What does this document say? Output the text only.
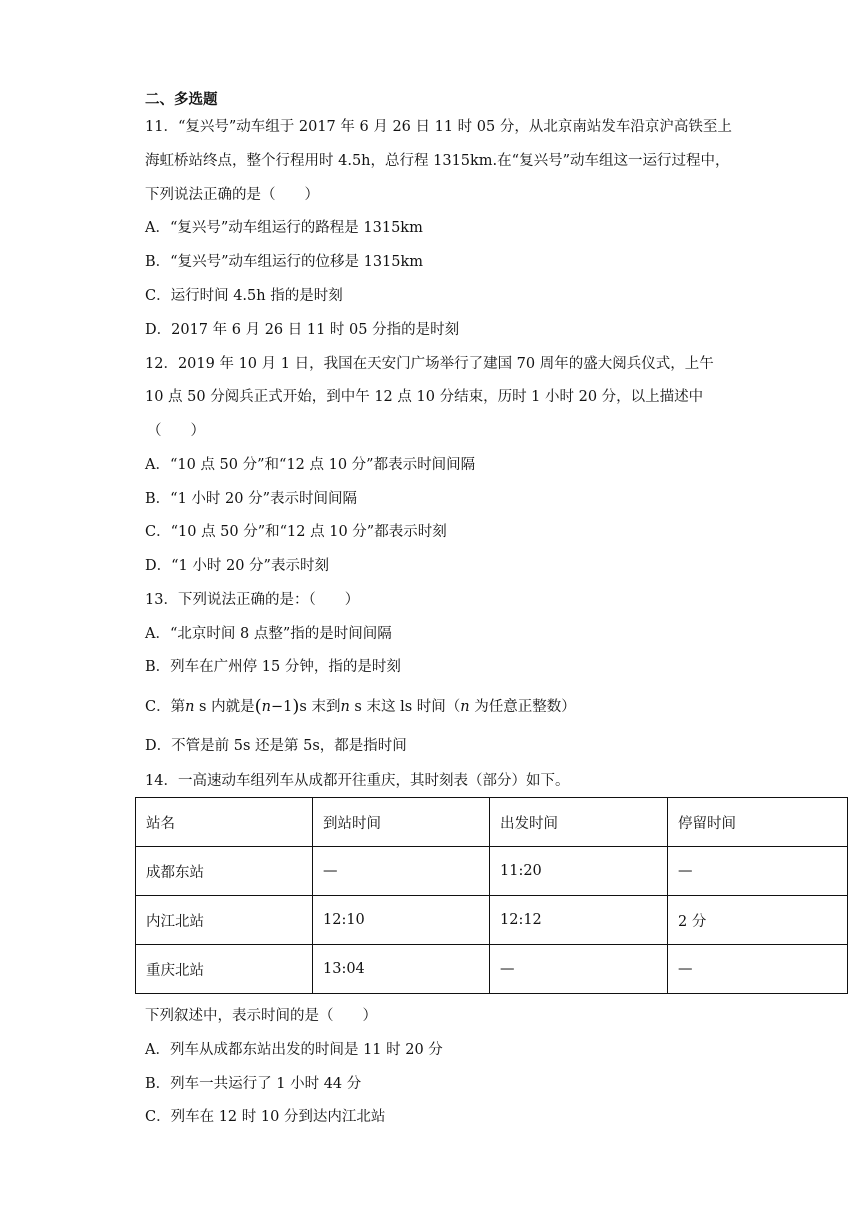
二、多选题
11．“复兴号”动车组于 2017 年 6 月 26 日 11 时 05 分，从北京南站发车沿京沪高铁至上
海虹桥站终点，整个行程用时 4.5h，总行程 1315km.在“复兴号”动车组这一运行过程中，
下列说法正确的是（　　）
A．“复兴号”动车组运行的路程是 1315km
B．“复兴号”动车组运行的位移是 1315km
C．运行时间 4.5h 指的是时刻
D．2017 年 6 月 26 日 11 时 05 分指的是时刻
12．2019 年 10 月 1 日，我国在天安门广场举行了建国 70 周年的盛大阅兵仪式，上午
10 点 50 分阅兵正式开始，到中午 12 点 10 分结束，历时 1 小时 20 分，以上描述中
（　　）
A．“10 点 50 分”和“12 点 10 分”都表示时间间隔
B．“1 小时 20 分”表示时间间隔
C．“10 点 50 分”和“12 点 10 分”都表示时刻
D．“1 小时 20 分”表示时刻
13．下列说法正确的是：（　　）
A．“北京时间 8 点整”指的是时间间隔
B．列车在广州停 15 分钟，指的是时刻
C．第n s 内就是(n−1)s 末到n s 末这 ls 时间（n 为任意正整数）
D．不管是前 5s 还是第 5s，都是指时间
14．一高速动车组列车从成都开往重庆，其时刻表（部分）如下。
站名	到站时间	出发时间	停留时间
成都东站	—	11:20	—
内江北站	12:10	12:12	2 分
重庆北站	13:04	—	—
下列叙述中，表示时间的是（　　）
A．列车从成都东站出发的时间是 11 时 20 分
B．列车一共运行了 1 小时 44 分
C．列车在 12 时 10 分到达内江北站
